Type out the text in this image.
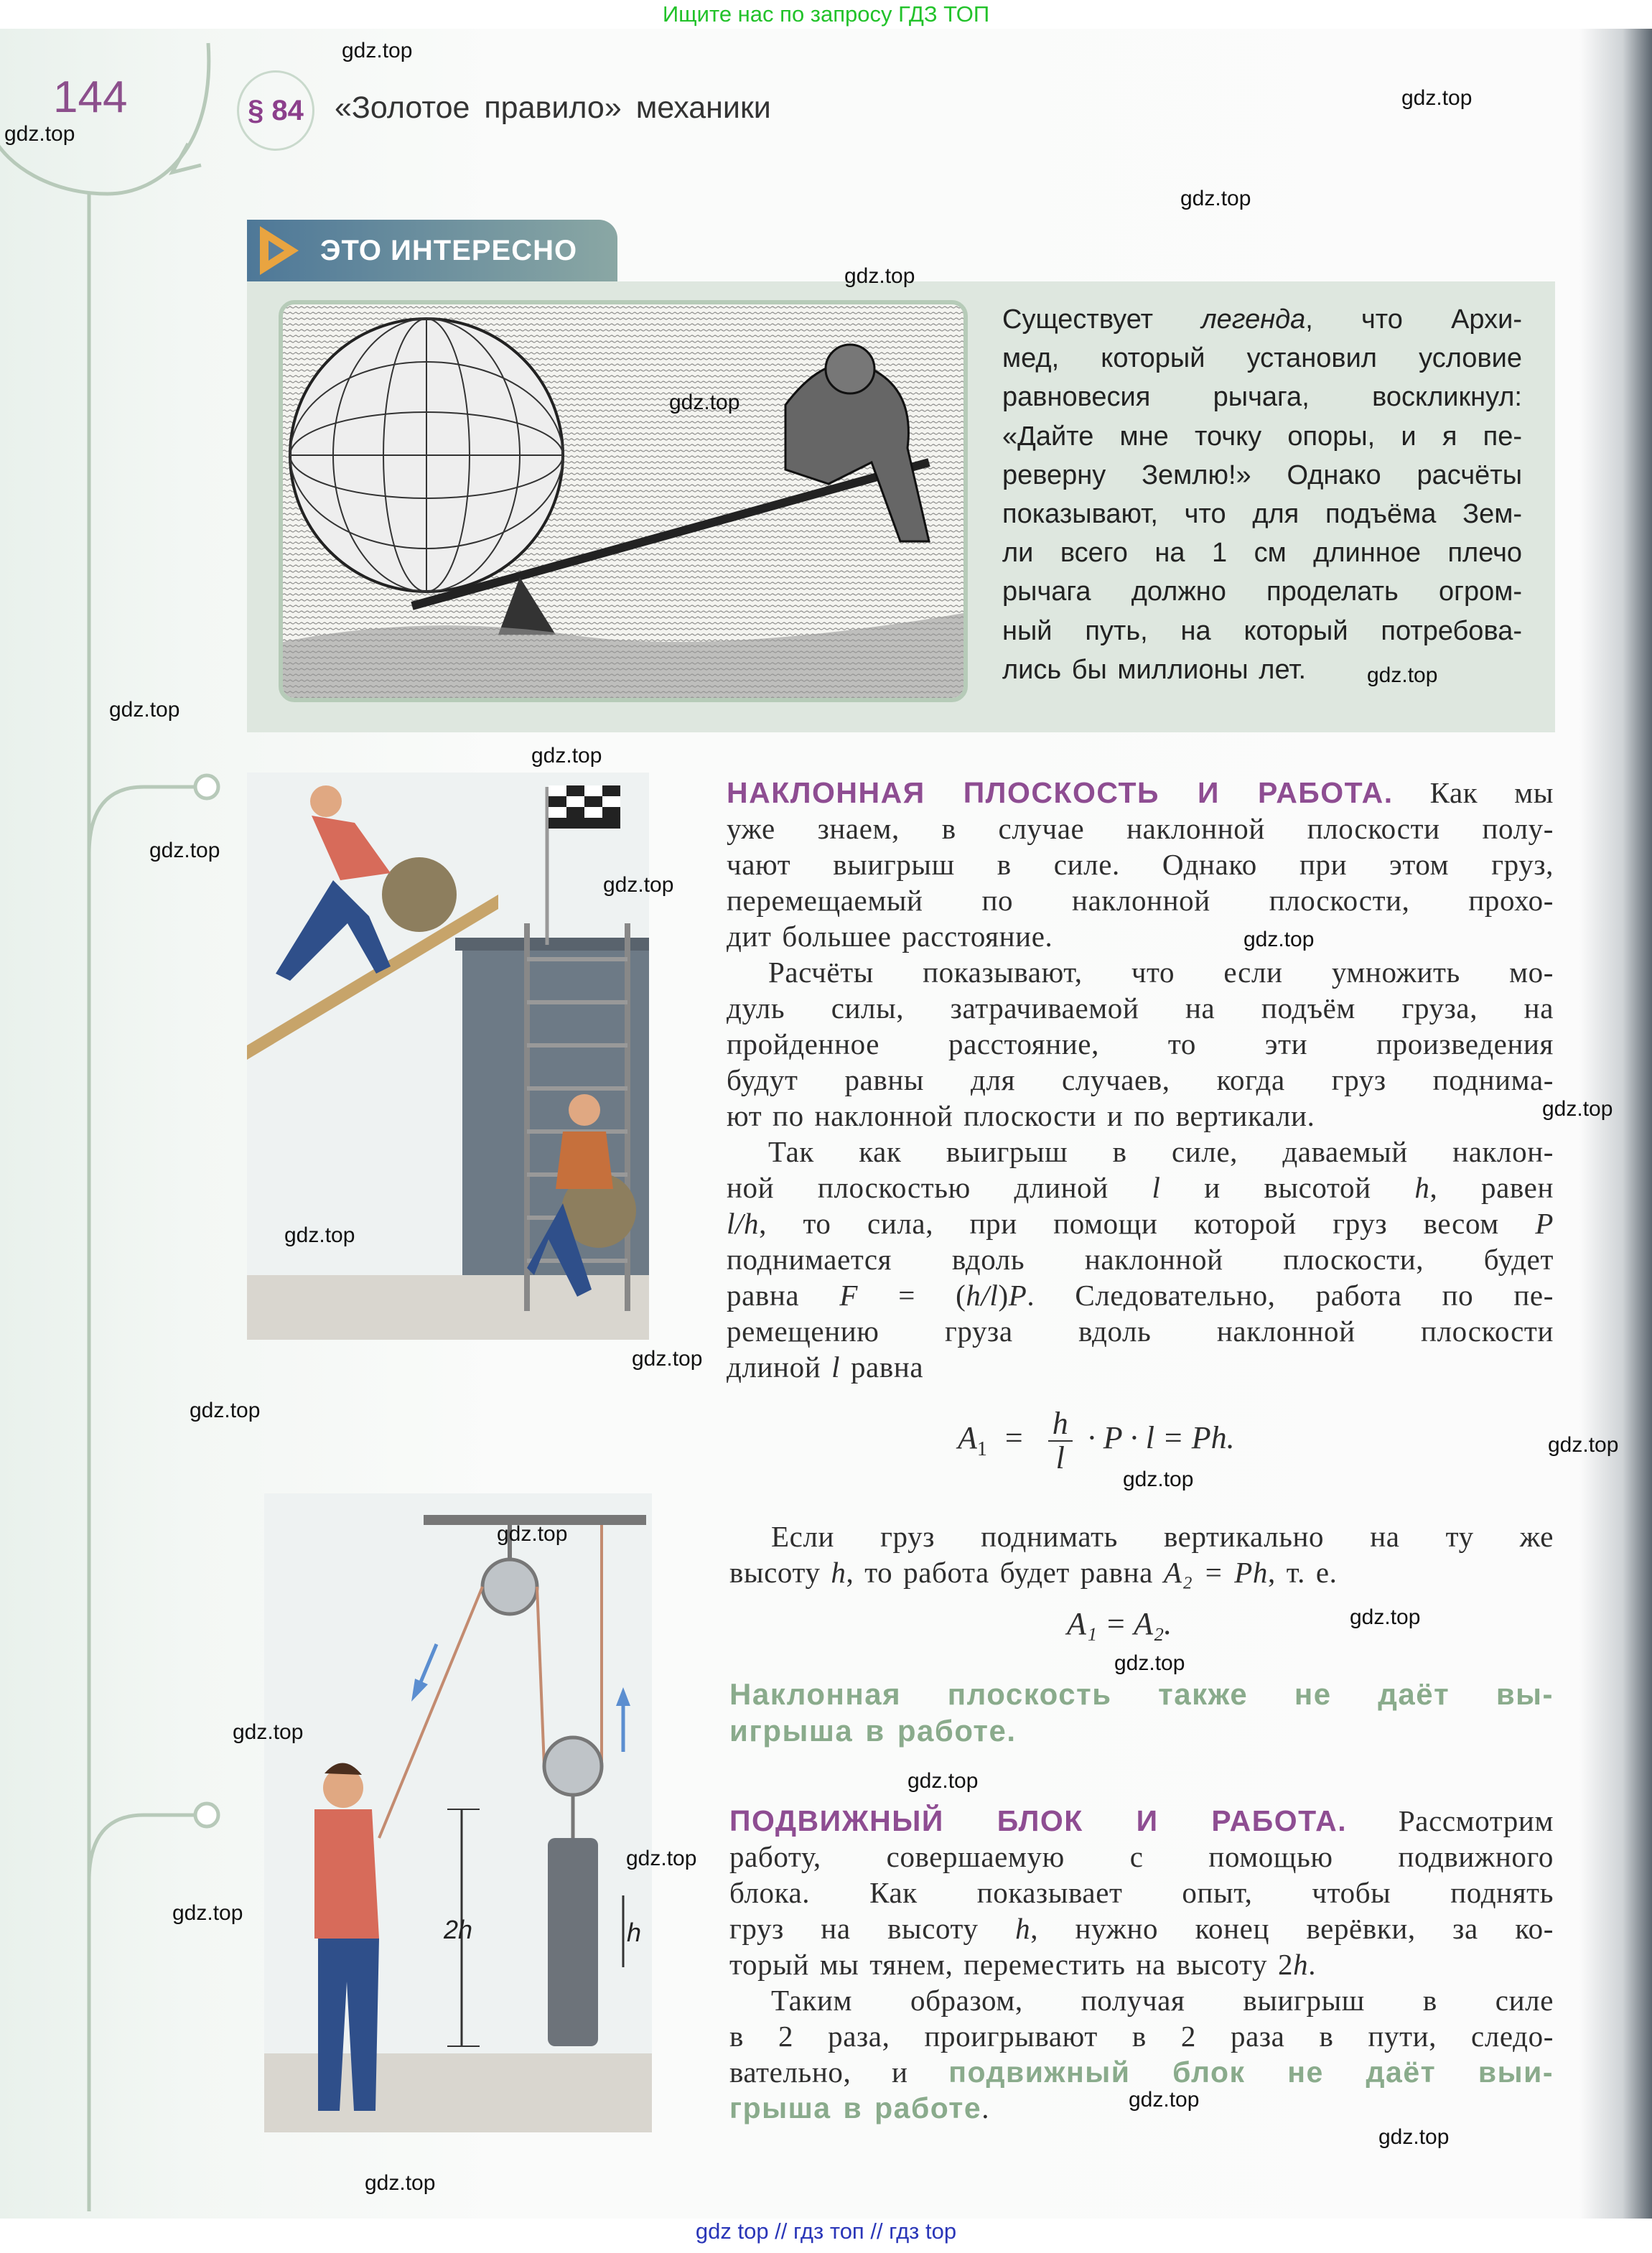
Ищите нас по запросу ГДЗ ТОП
144	§ 84	«Золотое правило» механики
ЭТО ИНТЕРЕСНО
Существует легенда, что Архи-
мед, который установил условие
равновесия рычага, воскликнул:
«Дайте мне точку опоры, и я пе-
реверну Землю!» Однако расчёты
показывают, что для подъёма Зем-
ли всего на 1 см длинное плечо
рычага должно проделать огром-
ный путь, на который потребова-
лись бы миллионы лет.
НАКЛОННАЯ ПЛОСКОСТЬ И РАБОТА. Как мы
уже знаем, в случае наклонной плоскости полу-
чают выигрыш в силе. Однако при этом груз,
перемещаемый по наклонной плоскости, прохо-
дит большее расстояние.
Расчёты показывают, что если умножить мо-
дуль силы, затрачиваемой на подъём груза, на
пройденное расстояние, то эти произведения
будут равны для случаев, когда груз поднима-
ют по наклонной плоскости и по вертикали.
Так как выигрыш в силе, даваемый наклон-
ной плоскостью длиной l и высотой h, равен
l/h, то сила, при помощи которой груз весом P
поднимается вдоль наклонной плоскости, будет
равна F = (h/l)P. Следовательно, работа по пе-
ремещению груза вдоль наклонной плоскости
длиной l равна
$A_1 = \frac{h}{l} \cdot P \cdot l = Ph$.
Если груз поднимать вертикально на ту же
высоту h, то работа будет равна A₂ = Ph, т. е.
A₁ = A₂.
Наклонная плоскость также не даёт вы-
игрыша в работе.
ПОДВИЖНЫЙ БЛОК И РАБОТА. Рассмотрим
работу, совершаемую с помощью подвижного
блока. Как показывает опыт, чтобы поднять
груз на высоту h, нужно конец верёвки, за ко-
торый мы тянем, переместить на высоту 2h.
Таким образом, получая выигрыш в силе
в 2 раза, проигрывают в 2 раза в пути, следо-
вательно, и подвижный блок не даёт выи-
грыша в работе.
2h	h
gdz.top
gdz.top
gdz.top
gdz.top
gdz.top
gdz.top
gdz.top
gdz.top
gdz.top
gdz.top
gdz.top
gdz.top
gdz.top
gdz.top
gdz.top
gdz.top
gdz.top
gdz.top
gdz.top
gdz.top
gdz.top
gdz.top
gdz.top
gdz.top
gdz.top
gdz.top
gdz.top
gdz.top
gdz top // гдз топ // гдз top
